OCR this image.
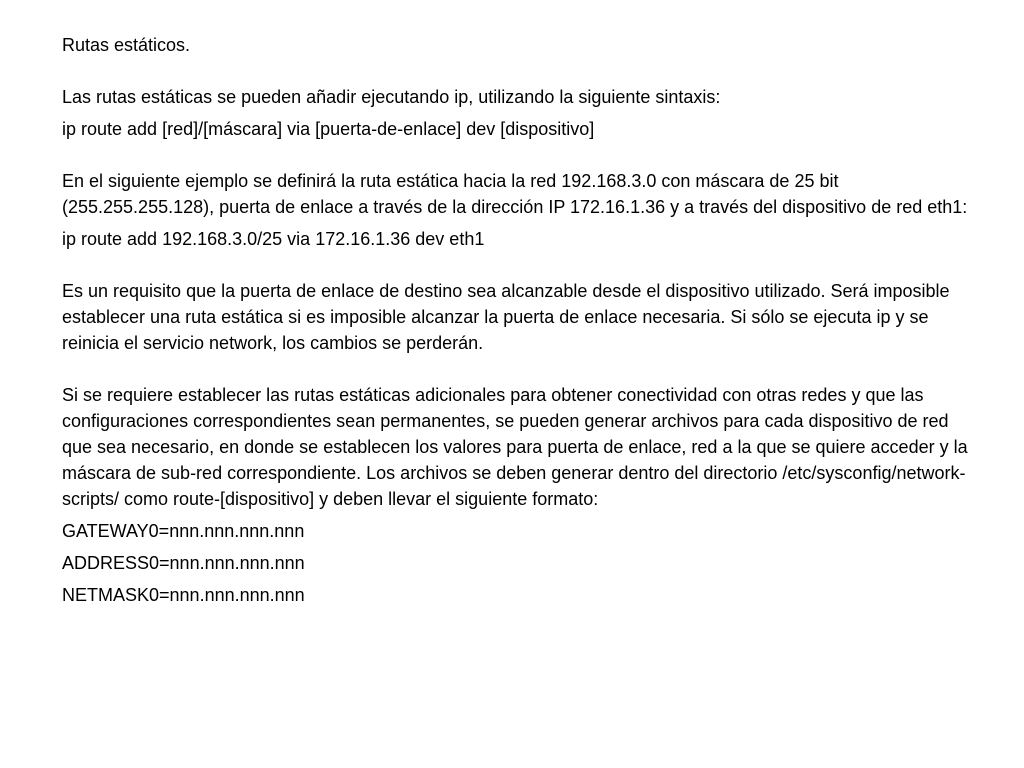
Rutas estáticos.

Las rutas estáticas se pueden añadir ejecutando ip, utilizando la siguiente sintaxis:

ip route add [red]/[máscara] via [puerta-de-enlace] dev [dispositivo]

En el siguiente ejemplo se definirá la ruta estática hacia la red 192.168.3.0 con máscara de 25 bit (255.255.255.128), puerta de enlace a través de la dirección IP 172.16.1.36 y a través del dispositivo de red eth1:

ip route add 192.168.3.0/25 via 172.16.1.36 dev eth1

Es un requisito que la puerta de enlace de destino sea alcanzable desde el dispositivo utilizado. Será imposible establecer una ruta estática si es imposible alcanzar la puerta de enlace necesaria. Si sólo se ejecuta ip y se reinicia el servicio network, los cambios se perderán.

Si se requiere establecer las rutas estáticas adicionales para obtener conectividad con otras redes y que las configuraciones correspondientes sean permanentes, se pueden generar archivos para cada dispositivo de red que sea necesario, en donde se establecen los valores para puerta de enlace, red a la que se quiere acceder y la máscara de sub-red correspondiente. Los archivos se deben generar dentro del directorio /etc/sysconfig/network-scripts/ como route-[dispositivo] y deben llevar el siguiente formato:

GATEWAY0=nnn.nnn.nnn.nnn

ADDRESS0=nnn.nnn.nnn.nnn

NETMASK0=nnn.nnn.nnn.nnn
